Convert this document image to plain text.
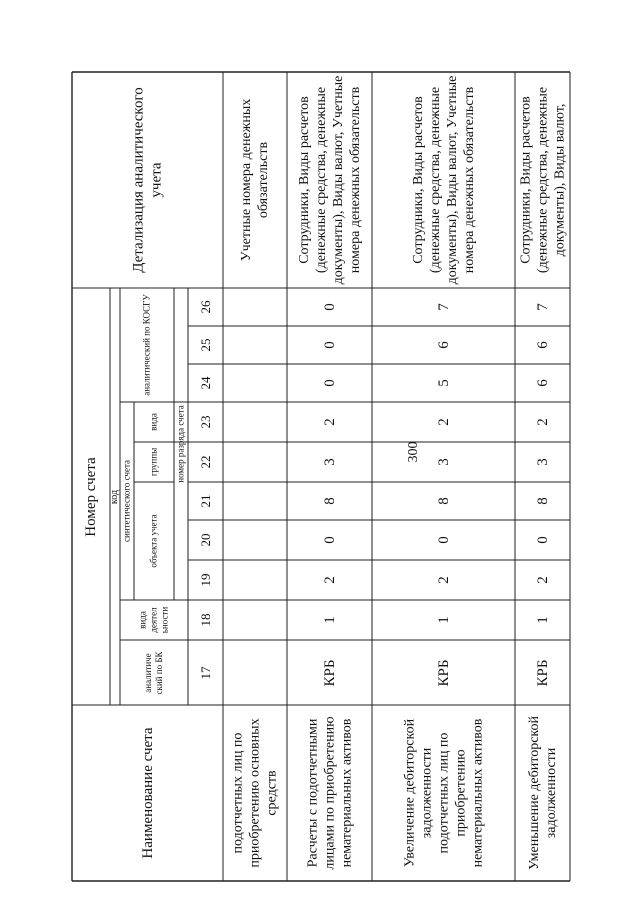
300
Наименование счета
Номер счета код
аналитиче ский по БК
вида деятел ьности
синтетического счета объекта учета
группы
вида
аналитический по КОСГУ
номер разряда счета
Детализация аналитического учета
17
18
19
20
21
22
23
24
25
26
подотчетных лиц по приобретению основных средств
Учетные номера денежных обязательств
Расчеты с подотчетными лицами по приобретению нематериальных активов
КРБ
1
2
0
8
3
2
0
0
0
Сотрудники, Виды расчетов (денежные средства, денежные документы), Виды валют, Учетные номера денежных обязательств
Увеличение дебиторской задолженности подотчетных лиц по приобретению нематериальных активов
КРБ
1
2
0
8
3
2
5
6
7
Сотрудники, Виды расчетов (денежные средства, денежные документы), Виды валют, Учетные номера денежных обязательств
Уменьшение дебиторской задолженности
КРБ
1
2
0
8
3
2
6
6
7
Сотрудники, Виды расчетов (денежные средства, денежные документы), Виды валют,
